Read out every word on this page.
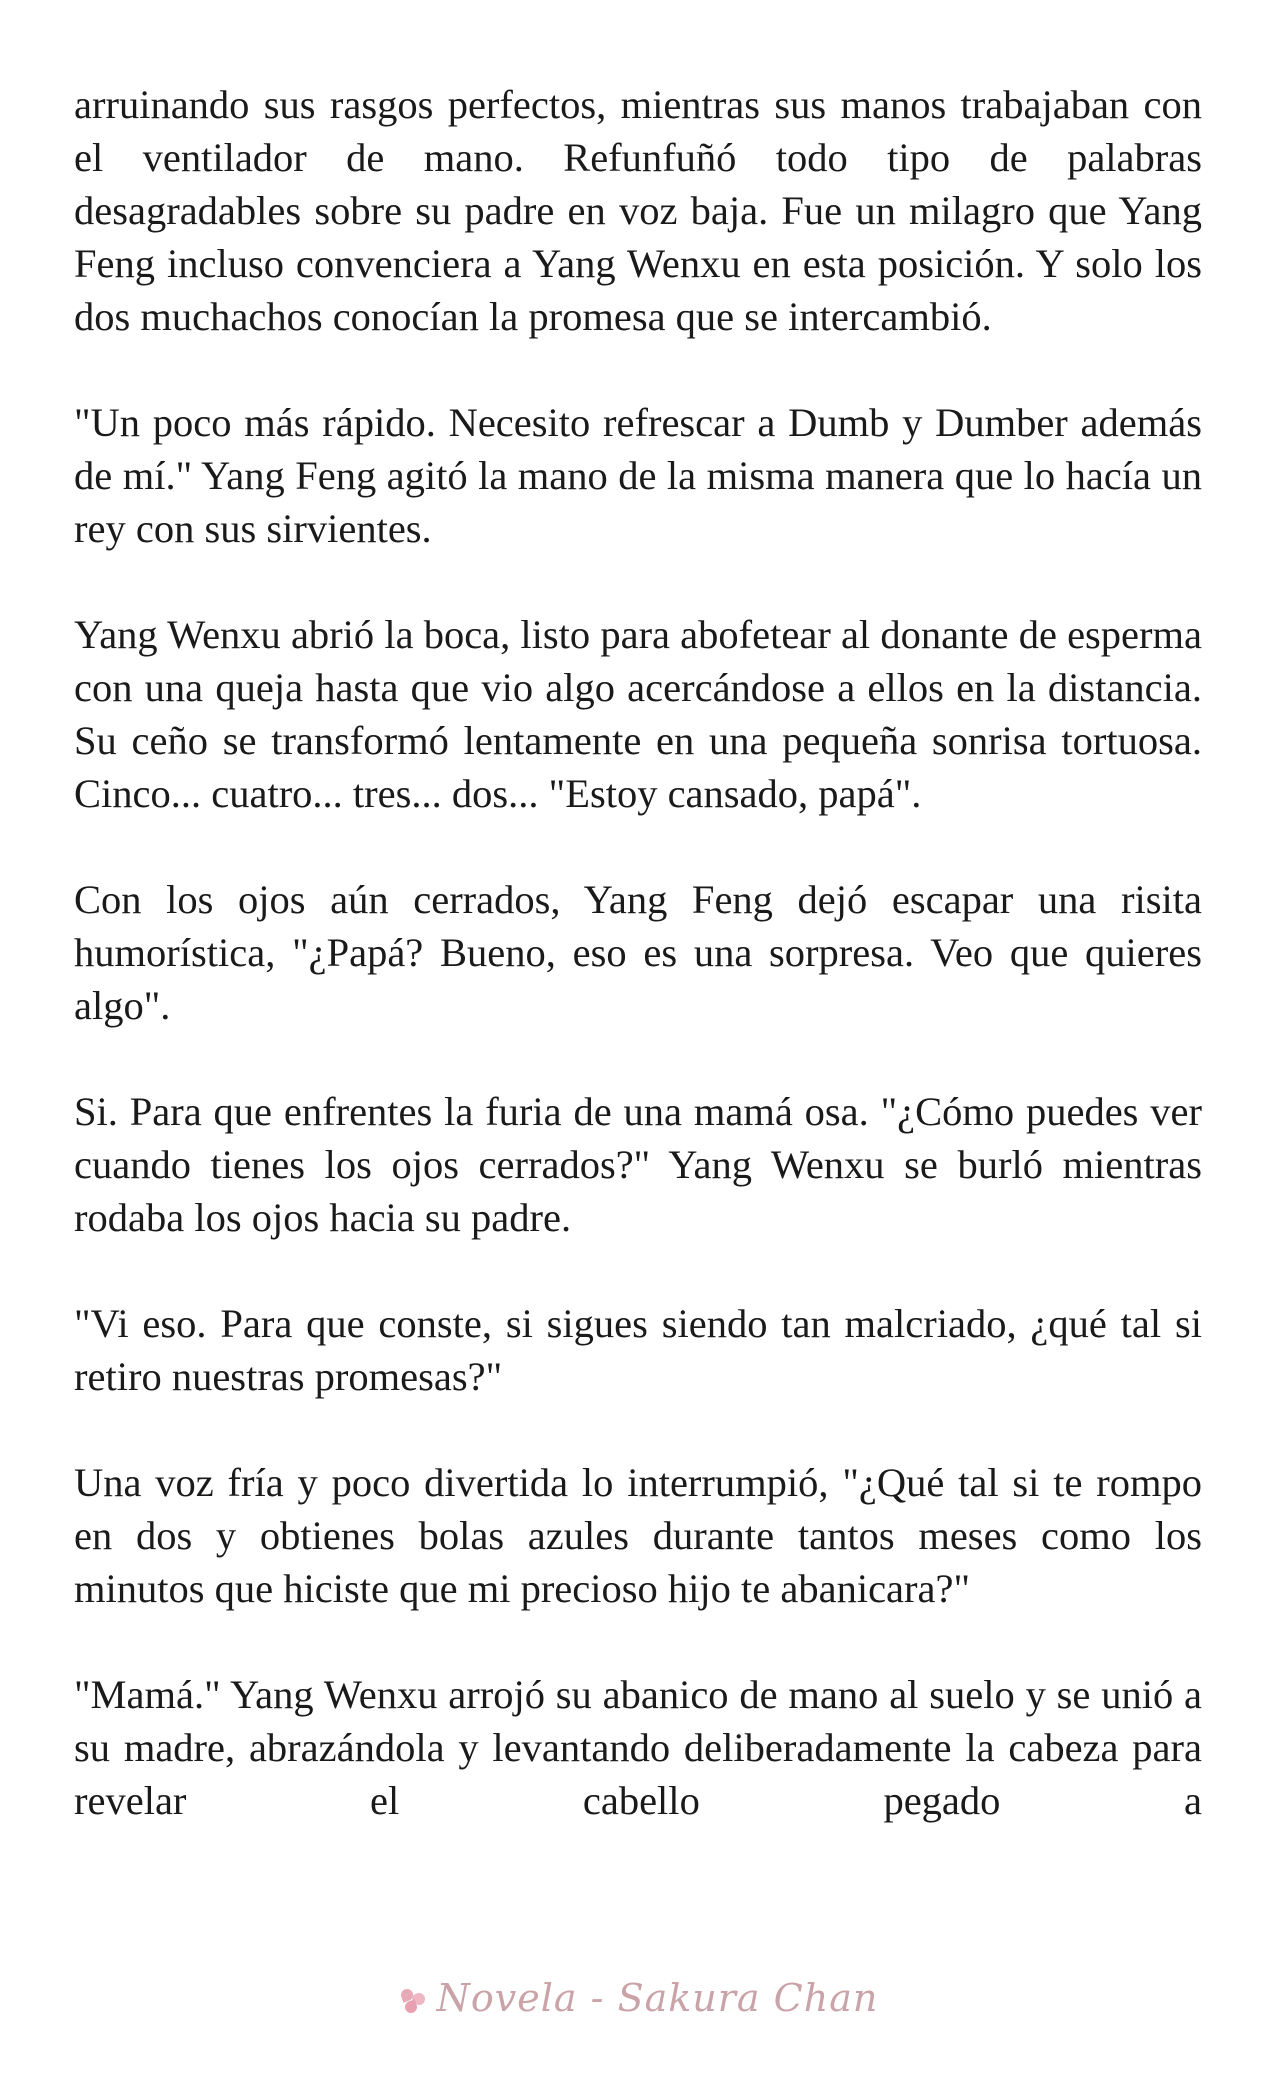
arruinando sus rasgos perfectos, mientras sus manos trabajaban con el ventilador de mano. Refunfuñó todo tipo de palabras desagradables sobre su padre en voz baja. Fue un milagro que Yang Feng incluso convenciera a Yang Wenxu en esta posición. Y solo los dos muchachos conocían la promesa que se intercambió.

"Un poco más rápido. Necesito refrescar a Dumb y Dumber además de mí." Yang Feng agitó la mano de la misma manera que lo hacía un rey con sus sirvientes.

Yang Wenxu abrió la boca, listo para abofetear al donante de esperma con una queja hasta que vio algo acercándose a ellos en la distancia. Su ceño se transformó lentamente en una pequeña sonrisa tortuosa. Cinco... cuatro... tres... dos... "Estoy cansado, papá".

Con los ojos aún cerrados, Yang Feng dejó escapar una risita humorística, "¿Papá? Bueno, eso es una sorpresa. Veo que quieres algo".

Si. Para que enfrentes la furia de una mamá osa. "¿Cómo puedes ver cuando tienes los ojos cerrados?" Yang Wenxu se burló mientras rodaba los ojos hacia su padre.

"Vi eso. Para que conste, si sigues siendo tan malcriado, ¿qué tal si retiro nuestras promesas?"

Una voz fría y poco divertida lo interrumpió, "¿Qué tal si te rompo en dos y obtienes bolas azules durante tantos meses como los minutos que hiciste que mi precioso hijo te abanicara?"

"Mamá." Yang Wenxu arrojó su abanico de mano al suelo y se unió a su madre, abrazándola y levantando deliberadamente la cabeza para revelar el cabello pegado a

Novela - Sakura Chan
